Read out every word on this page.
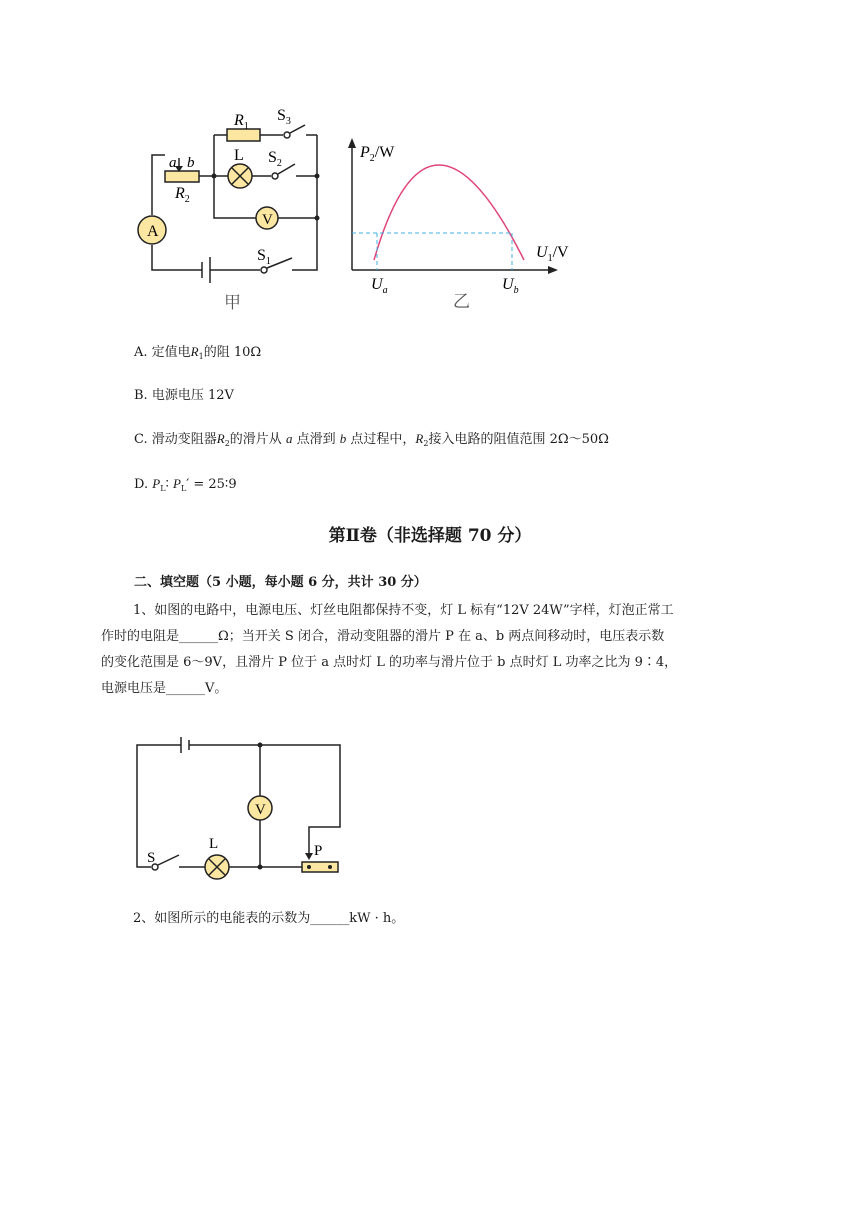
$R_1$
$S_3$
L $S_2$
a b
$R_2$
A
V
$S_1$
甲
$P_2/W$
$U_1/V$
$U_a$	$U_b$
乙
A. 定值电$R_1$的阻 10Ω
B. 电源电压 12V
C. 滑动变阻器$R_2$的滑片从 a 点滑到 b 点过程中，$R_2$接入电路的阻值范围 2Ω～50Ω
D. $P_L∶$ $P_L'$ = 25∶9
第Ⅱ卷（非选择题 70 分）
二、填空题（5 小题，每小题 6 分，共计 30 分）
1、如图的电路中，电源电压、灯丝电阻都保持不变，灯 L 标有“12V 24W”字样，灯泡正常工
作时的电阻是______Ω；当开关 S 闭合，滑动变阻器的滑片 P 在 a、b 两点间移动时，电压表示数
的变化范围是 6～9V，且滑片 P 位于 a 点时灯 L 的功率与滑片位于 b 点时灯 L 功率之比为 9∶4，
电源电压是______V。
V
S
L	P
2、如图所示的电能表的示数为______kW · h。
